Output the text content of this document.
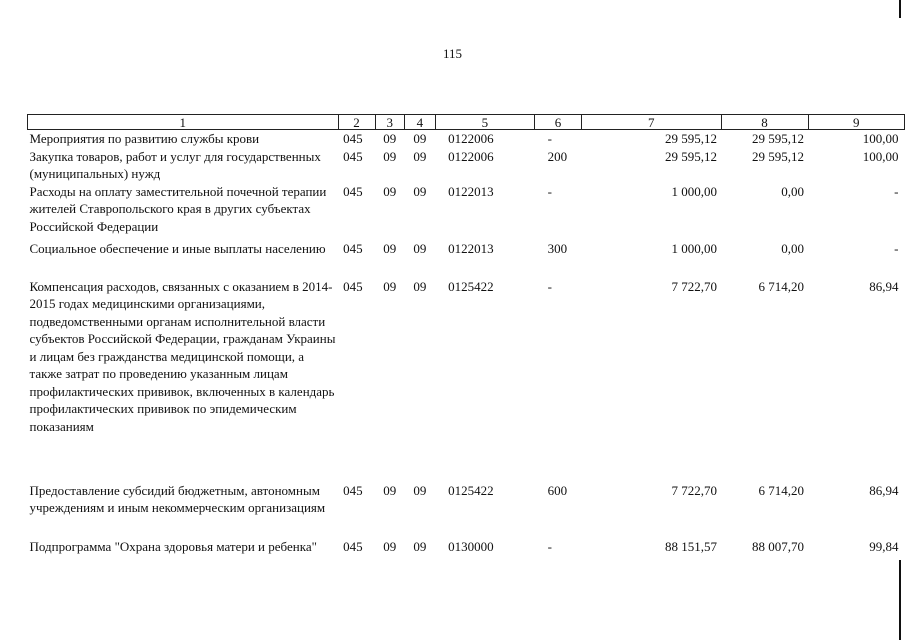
115
1	2	3	4	5	6	7	8	9
Мероприятия по развитию службы крови	045	09	09	0122006	-	29 595,12	29 595,12	100,00
Закупка товаров, работ и услуг для государственных (муниципальных) нужд	045	09	09	0122006	200	29 595,12	29 595,12	100,00
Расходы на оплату заместительной почечной терапии жителей Ставропольского края в других субъектах Российской Федерации	045	09	09	0122013	-	1 000,00	0,00	-
Социальное обеспечение и иные выплаты населению	045	09	09	0122013	300	1 000,00	0,00	-
Компенсация расходов, связанных с оказанием в 2014-2015 годах медицинскими организациями, подведомственными органам исполнительной власти субъектов Российской Федерации, гражданам Украины и лицам без гражданства медицинской помощи, а также затрат по проведению указанным лицам профилактических прививок, включенных в календарь профилактических прививок по эпидемическим показаниям	045	09	09	0125422	-	7 722,70	6 714,20	86,94
Предоставление субсидий бюджетным, автономным учреждениям и иным некоммерческим организациям	045	09	09	0125422	600	7 722,70	6 714,20	86,94
Подпрограмма "Охрана здоровья матери и ребенка"	045	09	09	0130000	-	88 151,57	88 007,70	99,84
